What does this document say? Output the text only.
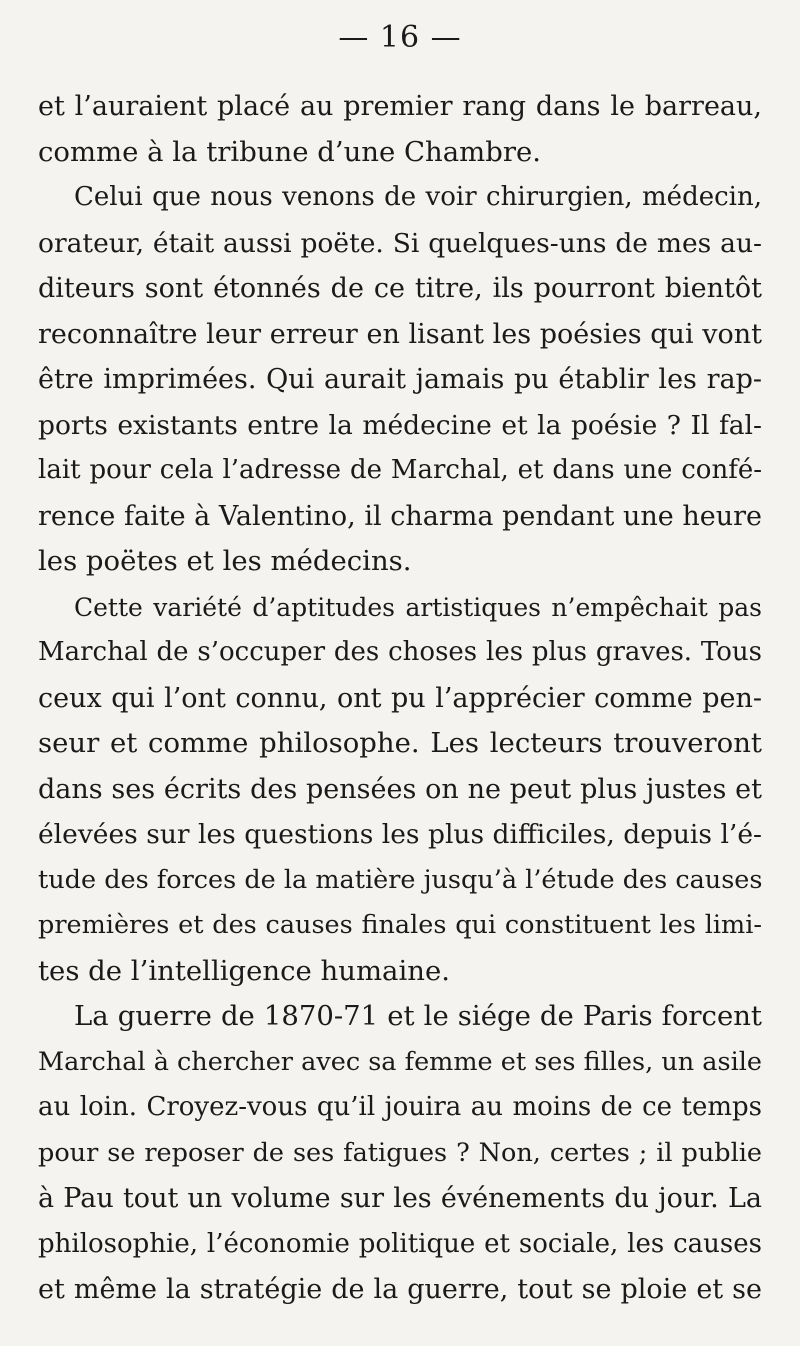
— 16 —
et l’auraient placé au premier rang dans le barreau,
comme à la tribune d’une Chambre.
Celui que nous venons de voir chirurgien, médecin,
orateur, était aussi poëte. Si quelques-uns de mes au-
diteurs sont étonnés de ce titre, ils pourront bientôt
reconnaître leur erreur en lisant les poésies qui vont
être imprimées. Qui aurait jamais pu établir les rap-
ports existants entre la médecine et la poésie ? Il fal-
lait pour cela l’adresse de Marchal, et dans une confé-
rence faite à Valentino, il charma pendant une heure
les poëtes et les médecins.
Cette variété d’aptitudes artistiques n’empêchait pas
Marchal de s’occuper des choses les plus graves. Tous
ceux qui l’ont connu, ont pu l’apprécier comme pen-
seur et comme philosophe. Les lecteurs trouveront
dans ses écrits des pensées on ne peut plus justes et
élevées sur les questions les plus difficiles, depuis l’é-
tude des forces de la matière jusqu’à l’étude des causes
premières et des causes finales qui constituent les limi-
tes de l’intelligence humaine.
La guerre de 1870-71 et le siége de Paris forcent
Marchal à chercher avec sa femme et ses filles, un asile
au loin. Croyez-vous qu’il jouira au moins de ce temps
pour se reposer de ses fatigues ? Non, certes ; il publie
à Pau tout un volume sur les événements du jour. La
philosophie, l’économie politique et sociale, les causes
et même la stratégie de la guerre, tout se ploie et se
